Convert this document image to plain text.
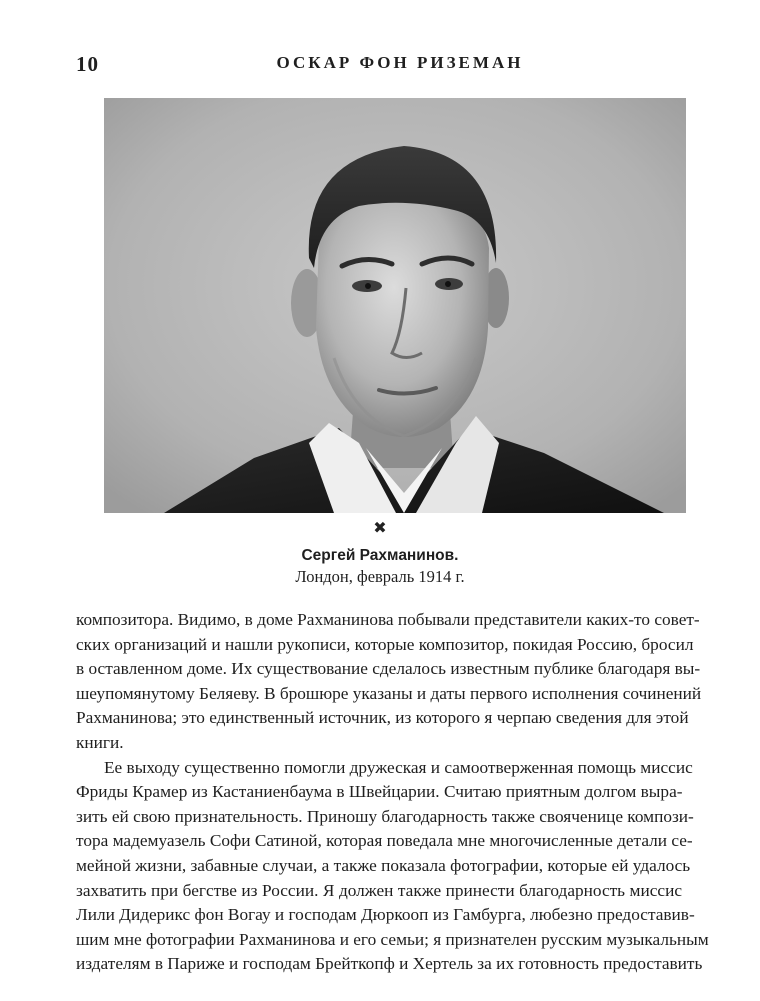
10	ОСКАР ФОН РИЗЕМАН
✖
Сергей Рахманинов.
Лондон, февраль 1914 г.

композитора. Видимо, в доме Рахманинова побывали представители каких-то совет-
ских организаций и нашли рукописи, которые композитор, покидая Россию, бросил
в оставленном доме. Их существование сделалось известным публике благодаря вы-
шеупомянутому Беляеву. В брошюре указаны и даты первого исполнения сочинений
Рахманинова; это единственный источник, из которого я черпаю сведения для этой
книги.

Ее выходу существенно помогли дружеская и самоотверженная помощь миссис
Фриды Крамер из Кастаниенбаума в Швейцарии. Считаю приятным долгом выра-
зить ей свою признательность. Приношу благодарность также свояченице компози-
тора мадемуазель Софи Сатиной, которая поведала мне многочисленные детали се-
мейной жизни, забавные случаи, а также показала фотографии, которые ей удалось
захватить при бегстве из России. Я должен также принести благодарность миссис
Лили Дидерикс фон Вогау и господам Дюркооп из Гамбурга, любезно предоставив-
шим мне фотографии Рахманинова и его семьи; я признателен русским музыкальным
издателям в Париже и господам Брейткопф и Хертель за их готовность предоставить
